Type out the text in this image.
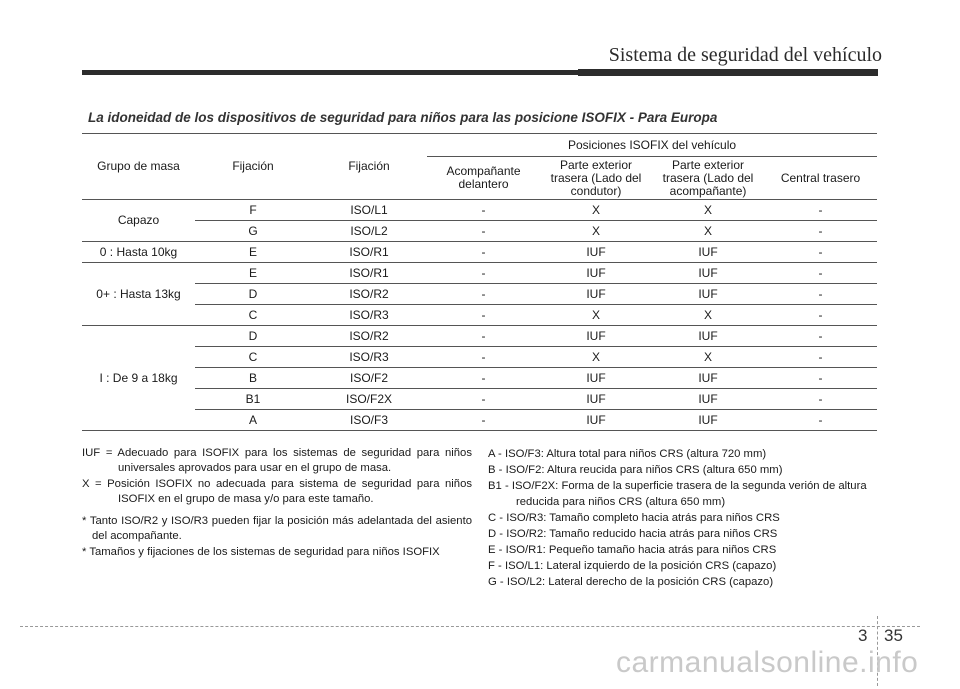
Sistema de seguridad del vehículo
La idoneidad de los dispositivos de seguridad para niños para las posicione ISOFIX - Para Europa
Grupo de masa	Fijación	Fijación	Posiciones ISOFIX del vehículo			
			Acompañante delantero	Parte exterior trasera (Lado del condutor)	Parte exterior trasera (Lado del acompañante)	Central trasero
Capazo	F	ISO/L1	-	X	X	-
	G	ISO/L2	-	X	X	-
0 : Hasta 10kg	E	ISO/R1	-	IUF	IUF	-
0+ : Hasta 13kg	E	ISO/R1	-	IUF	IUF	-
	D	ISO/R2	-	IUF	IUF	-
	C	ISO/R3	-	X	X	-
I : De 9 a 18kg	D	ISO/R2	-	IUF	IUF	-
	C	ISO/R3	-	X	X	-
	B	ISO/F2	-	IUF	IUF	-
	B1	ISO/F2X	-	IUF	IUF	-
	A	ISO/F3	-	IUF	IUF	-

IUF = Adecuado para ISOFIX para los sistemas de seguridad para niños universales aprovados para usar en el grupo de masa.

X = Posición ISOFIX no adecuada para sistema de seguridad para niños ISOFIX en el grupo de masa y/o para este tamaño.

* Tanto ISO/R2 y ISO/R3 pueden fijar la posición más adelantada del asiento del acompañante.

* Tamaños y fijaciones de los sistemas de seguridad para niños ISOFIX

A - ISO/F3: Altura total para niños CRS (altura 720 mm)

B - ISO/F2: Altura reucida para niños CRS (altura 650 mm)

B1 - ISO/F2X: Forma de la superficie trasera de la segunda verión de altura reducida para niños CRS (altura 650 mm)

C - ISO/R3: Tamaño completo hacia atrás para niños CRS

D - ISO/R2: Tamaño reducido hacia atrás para niños CRS

E - ISO/R1: Pequeño tamaño hacia atrás para niños CRS

F - ISO/L1: Lateral izquierdo de la posición CRS (capazo)

G - ISO/L2: Lateral derecho de la posición CRS (capazo)

3 35
carmanualsonline.info
